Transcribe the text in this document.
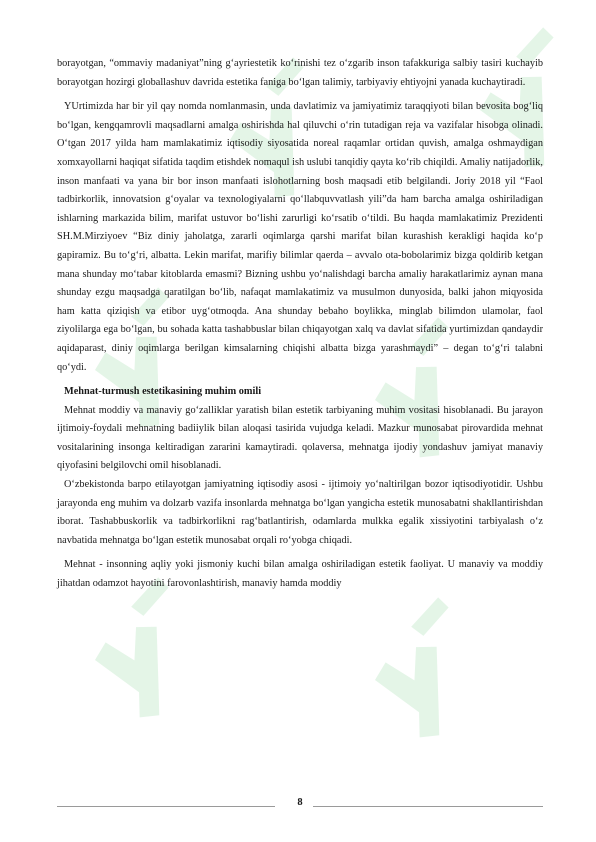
borayotgan, “ommaviy madaniyat”ning g‘ayriestetik ko‘rinishi tez o‘zgarib inson tafakkuriga salbiy tasiri kuchayib borayotgan hozirgi globallashuv davrida estetika faniga bo‘lgan talimiy, tarbiyaviy ehtiyojni yanada kuchaytiradi.

YUrtimizda har bir yil qay nomda nomlanmasin, unda davlatimiz va jamiyatimiz taraqqiyoti bilan bevosita bog‘liq bo‘lgan, kengqamrovli maqsadlarni amalga oshirishda hal qiluvchi o‘rin tutadigan reja va vazifalar hisobga olinadi. O‘tgan 2017 yilda ham mamlakatimiz iqtisodiy siyosatida noreal raqamlar ortidan quvish, amalga oshmaydigan xomxayollarni haqiqat sifatida taqdim etishdek nomaqul ish uslubi tanqidiy qayta ko‘rib chiqildi. Amaliy natijadorlik, inson manfaati va yana bir bor inson manfaati islohotlarning bosh maqsadi etib belgilandi. Joriy 2018 yil “Faol tadbirkorlik, innovatsion g‘oyalar va texnologiyalarni qo‘llabquvvatlash yili”da ham barcha amalga oshiriladigan ishlarning markazida bilim, marifat ustuvor bo‘lishi zarurligi ko‘rsatib o‘tildi. Bu haqda mamlakatimiz Prezidenti SH.M.Mirziyoev “Biz diniy jaholatga, zararli oqimlarga qarshi marifat bilan kurashish kerakligi haqida ko‘p gapiramiz. Bu to‘g‘ri, albatta. Lekin marifat, marifiy bilimlar qaerda – avvalo ota-bobolarimiz bizga qoldirib ketgan mana shunday mo‘tabar kitoblarda emasmi? Bizning ushbu yo‘nalishdagi barcha amaliy harakatlarimiz aynan mana shunday ezgu maqsadga qaratilgan bo‘lib, nafaqat mamlakatimiz va musulmon dunyosida, balki jahon miqyosida ham katta qiziqish va etibor uyg‘otmoqda. Ana shunday bebaho boylikka, minglab bilimdon ulamolar, faol ziyolilarga ega bo‘lgan, bu sohada katta tashabbuslar bilan chiqayotgan xalq va davlat sifatida yurtimizdan qandaydir aqidaparast, diniy oqimlarga berilgan kimsalarning chiqishi albatta bizga yarashmaydi” – degan to‘g‘ri talabni qo‘ydi.

Mehnat-turmush estetikasining muhim omili

Mehnat moddiy va manaviy go‘zalliklar yaratish bilan estetik tarbiyaning muhim vositasi hisoblanadi. Bu jarayon ijtimoiy-foydali mehnatning badiiylik bilan aloqasi tasirida vujudga keladi. Mazkur munosabat pirovardida mehnat vositalarining insonga keltiradigan zararini kamaytiradi. qolaversa, mehnatga ijodiy yondashuv jamiyat manaviy qiyofasini belgilovchi omil hisoblanadi.

O‘zbekistonda barpo etilayotgan jamiyatning iqtisodiy asosi - ijtimoiy yo‘naltirilgan bozor iqtisodiyotidir. Ushbu jarayonda eng muhim va dolzarb vazifa insonlarda mehnatga bo‘lgan yangicha estetik munosabatni shakllantirishdan iborat. Tashabbuskorlik va tadbirkorlikni rag‘batlantirish, odamlarda mulkka egalik xissiyotini tarbiyalash o‘z navbatida mehnatga bo‘lgan estetik munosabat orqali ro‘yobga chiqadi.

Mehnat - insonning aqliy yoki jismoniy kuchi bilan amalga oshiriladigan estetik faoliyat. U manaviy va moddiy jihatdan odamzot hayotini farovonlashtirish, manaviy hamda moddiy

8
